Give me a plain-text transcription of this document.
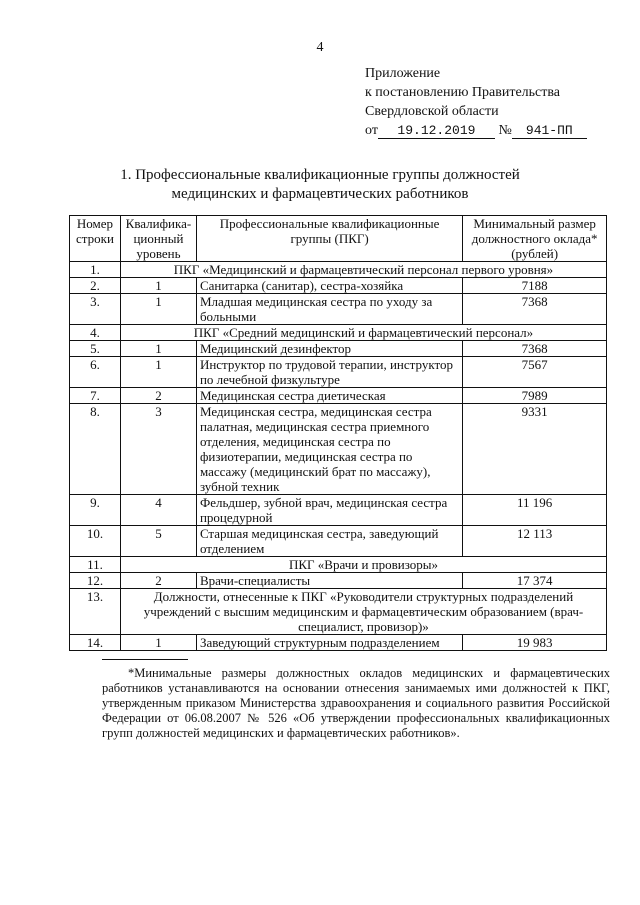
4
Приложение
к постановлению Правительства
Свердловской области
от 19.12.2019 № 941-ПП
1. Профессиональные квалификационные группы должностей
медицинских и фармацевтических работников
Номер строки	Квалифика-ционный уровень	Профессиональные квалификационные группы (ПКГ)	Минимальный размер должностного оклада* (рублей)
1.	ПКГ «Медицинский и фармацевтический персонал первого уровня»		
2.	1	Санитарка (санитар), сестра-хозяйка	7188
3.	1	Младшая медицинская сестра по уходу за больными	7368
4.	ПКГ «Средний медицинский и фармацевтический персонал»		
5.	1	Медицинский дезинфектор	7368
6.	1	Инструктор по трудовой терапии, инструктор по лечебной физкультуре	7567
7.	2	Медицинская сестра диетическая	7989
8.	3	Медицинская сестра, медицинская сестра палатная, медицинская сестра приемного отделения, медицинская сестра по физиотерапии, медицинская сестра по массажу (медицинский брат по массажу), зубной техник	9331
9.	4	Фельдшер, зубной врач, медицинская сестра процедурной	11 196
10.	5	Старшая медицинская сестра, заведующий отделением	12 113
11.	ПКГ «Врачи и провизоры»		
12.	2	Врачи-специалисты	17 374
13.	Должности, отнесенные к ПКГ «Руководители структурных подразделений учреждений с высшим медицинским и фармацевтическим образованием (врач-специалист, провизор)»		
14.	1	Заведующий структурным подразделением	19 983
*Минимальные размеры должностных окладов медицинских и фармацевтических работников устанавливаются на основании отнесения занимаемых ими должностей к ПКГ, утвержденным приказом Министерства здравоохранения и социального развития Российской Федерации от 06.08.2007 № 526 «Об утверждении профессиональных квалификационных групп должностей медицинских и фармацевтических работников».
